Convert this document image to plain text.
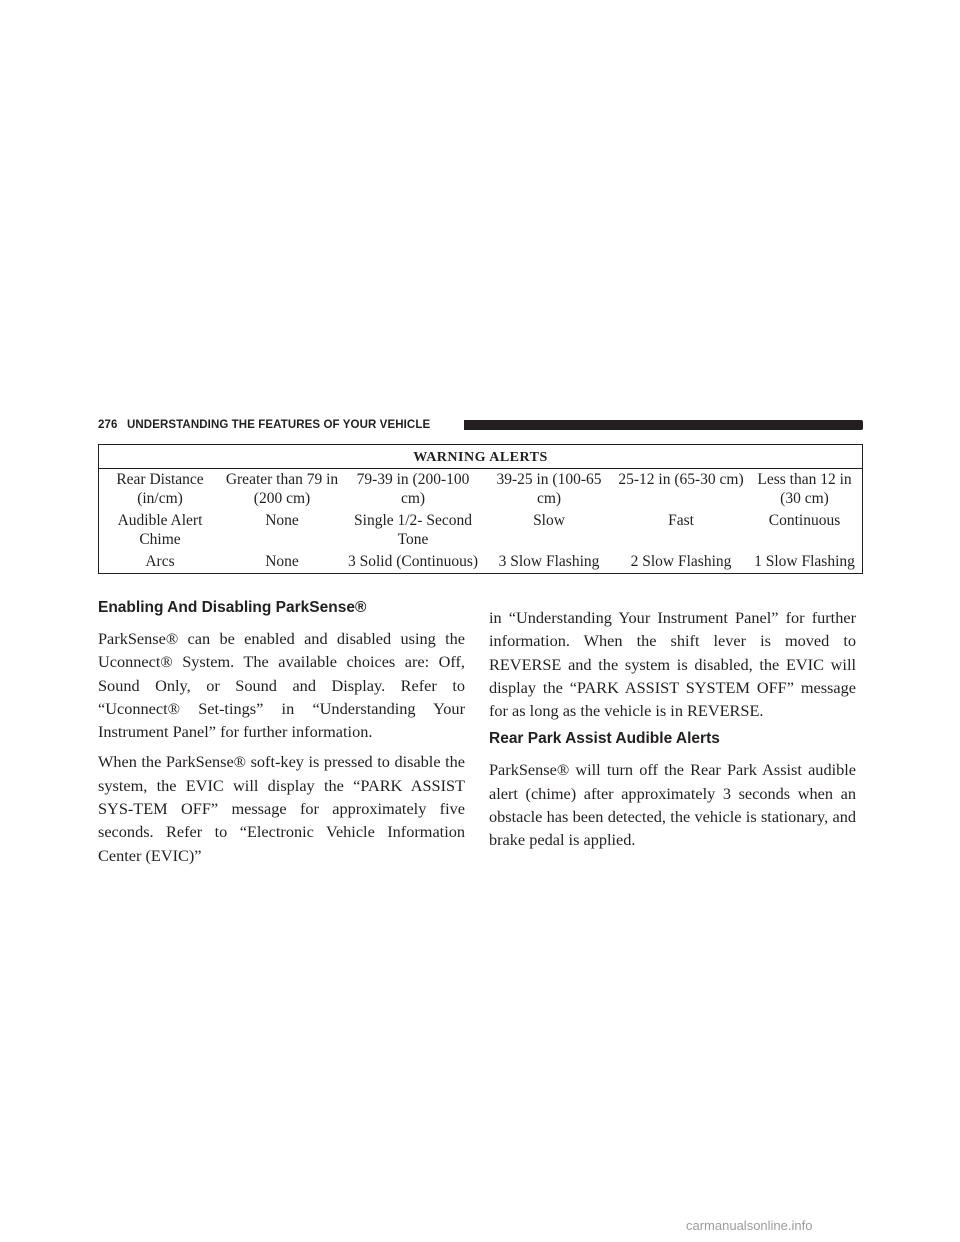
276 UNDERSTANDING THE FEATURES OF YOUR VEHICLE
WARNING ALERTS					
Rear Distance (in/cm)	Greater than 79 in (200 cm)	79-39 in (200-100 cm)	39-25 in (100-65 cm)	25-12 in (65-30 cm)	Less than 12 in (30 cm)
Audible Alert Chime	None	Single 1/2- Second Tone	Slow	Fast	Continuous
Arcs	None	3 Solid (Continuous)	3 Slow Flashing	2 Slow Flashing	1 Slow Flashing
Enabling And Disabling ParkSense®

ParkSense® can be enabled and disabled using the Uconnect® System. The available choices are: Off, Sound Only, or Sound and Display. Refer to “Uconnect® Set-tings” in “Understanding Your Instrument Panel” for further information.

When the ParkSense® soft-key is pressed to disable the system, the EVIC will display the “PARK ASSIST SYS-TEM OFF” message for approximately five seconds. Refer to “Electronic Vehicle Information Center (EVIC)”

in “Understanding Your Instrument Panel” for further information. When the shift lever is moved to REVERSE and the system is disabled, the EVIC will display the “PARK ASSIST SYSTEM OFF” message for as long as the vehicle is in REVERSE.

Rear Park Assist Audible Alerts

ParkSense® will turn off the Rear Park Assist audible alert (chime) after approximately 3 seconds when an obstacle has been detected, the vehicle is stationary, and brake pedal is applied.

carmanualsonline.info
